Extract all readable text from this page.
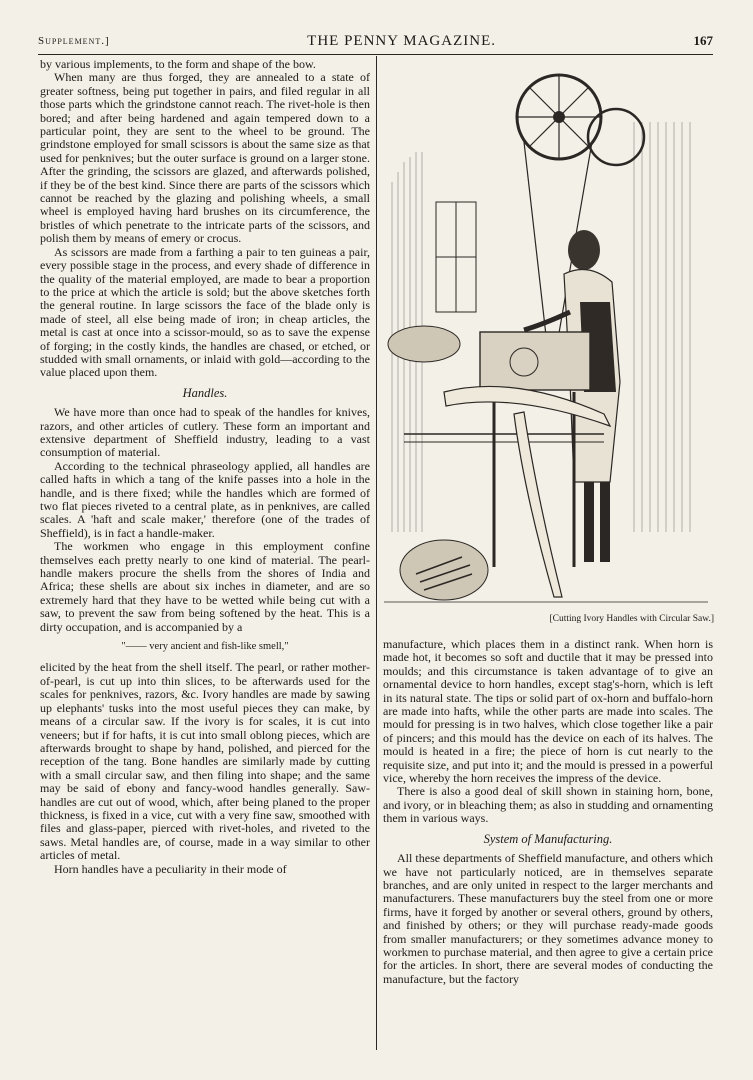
Supplement.]	THE PENNY MAGAZINE.	167

by various implements, to the form and shape of the bow.

When many are thus forged, they are annealed to a state of greater softness, being put together in pairs, and filed regular in all those parts which the grindstone cannot reach. The rivet-hole is then bored; and after being hardened and again tempered down to a particular point, they are sent to the wheel to be ground. The grindstone employed for small scissors is about the same size as that used for penknives; but the outer surface is ground on a larger stone. After the grinding, the scissors are glazed, and afterwards polished, if they be of the best kind. Since there are parts of the scissors which cannot be reached by the glazing and polishing wheels, a small wheel is employed having hard brushes on its circumference, the bristles of which penetrate to the intricate parts of the scissors, and polish them by means of emery or crocus.

As scissors are made from a farthing a pair to ten guineas a pair, every possible stage in the process, and every shade of difference in the quality of the material employed, are made to bear a proportion to the price at which the article is sold; but the above sketches forth the general routine. In large scissors the face of the blade only is made of steel, all else being made of iron; in cheap articles, the metal is cast at once into a scissor-mould, so as to save the expense of forging; in the costly kinds, the handles are chased, or etched, or studded with small ornaments, or inlaid with gold—according to the value placed upon them.

Handles.

We have more than once had to speak of the handles for knives, razors, and other articles of cutlery. These form an important and extensive department of Sheffield industry, leading to a vast consumption of material.

According to the technical phraseology applied, all handles are called hafts in which a tang of the knife passes into a hole in the handle, and is there fixed; while the handles which are formed of two flat pieces riveted to a central plate, as in penknives, are called scales. A 'haft and scale maker,' therefore (one of the trades of Sheffield), is in fact a handle-maker.

The workmen who engage in this employment confine themselves each pretty nearly to one kind of material. The pearl-handle makers procure the shells from the shores of India and Africa; these shells are about six inches in diameter, and are so extremely hard that they have to be wetted while being cut with a saw, to prevent the saw from being softened by the heat. This is a dirty occupation, and is accompanied by a

"—— very ancient and fish-like smell,"

elicited by the heat from the shell itself. The pearl, or rather mother-of-pearl, is cut up into thin slices, to be afterwards used for the scales for penknives, razors, &c. Ivory handles are made by sawing up elephants' tusks into the most useful pieces they can make, by means of a circular saw. If the ivory is for scales, it is cut into veneers; but if for hafts, it is cut into small oblong pieces, which are afterwards brought to shape by hand, polished, and pierced for the reception of the tang. Bone handles are similarly made by cutting with a small circular saw, and then filing into shape; and the same may be said of ebony and fancy-wood handles generally. Saw-handles are cut out of wood, which, after being planed to the proper thickness, is fixed in a vice, cut with a very fine saw, smoothed with files and glass-paper, pierced with rivet-holes, and riveted to the saws. Metal handles are, of course, made in a way similar to other articles of metal.

Horn handles have a peculiarity in their mode of

[Cutting Ivory Handles with Circular Saw.]

manufacture, which places them in a distinct rank. When horn is made hot, it becomes so soft and ductile that it may be pressed into moulds; and this circumstance is taken advantage of to give an ornamental device to horn handles, except stag's-horn, which is left in its natural state. The tips or solid part of ox-horn and buffalo-horn are made into hafts, while the other parts are made into scales. The mould for pressing is in two halves, which close together like a pair of pincers; and this mould has the device on each of its halves. The mould is heated in a fire; the piece of horn is cut nearly to the requisite size, and put into it; and the mould is pressed in a powerful vice, whereby the horn receives the impress of the device.

There is also a good deal of skill shown in staining horn, bone, and ivory, or in bleaching them; as also in studding and ornamenting them in various ways.

System of Manufacturing.

All these departments of Sheffield manufacture, and others which we have not particularly noticed, are in themselves separate branches, and are only united in respect to the larger merchants and manufacturers. These manufacturers buy the steel from one or more firms, have it forged by another or several others, ground by others, and finished by others; or they will purchase ready-made goods from smaller manufacturers; or they sometimes advance money to workmen to purchase material, and then agree to give a certain price for the articles. In short, there are several modes of conducting the manufacture, but the factory
